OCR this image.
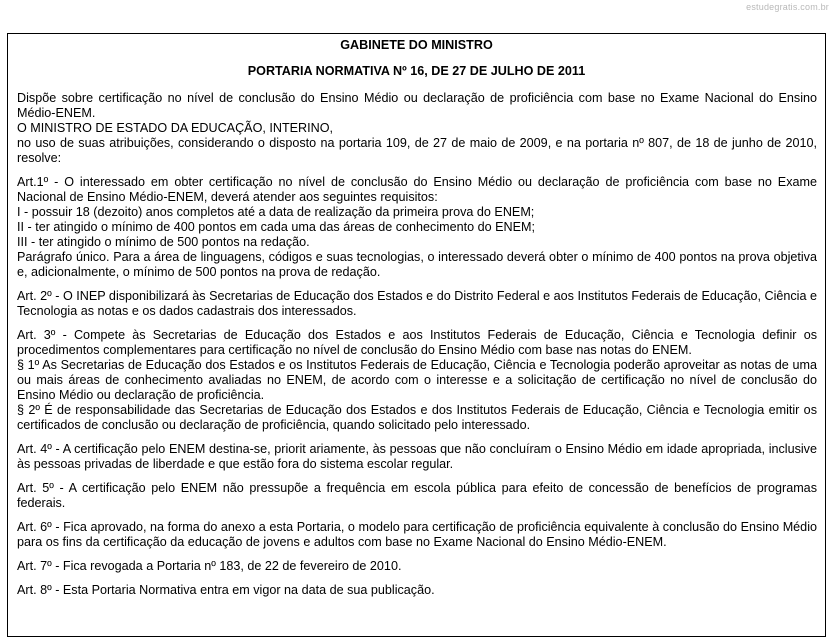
estudegratis.com.br
GABINETE DO MINISTRO
PORTARIA NORMATIVA Nº 16, DE 27 DE JULHO DE 2011

Dispõe sobre certificação no nível de conclusão do Ensino Médio ou declaração de proficiência com base no Exame Nacional do Ensino Médio-ENEM.

O MINISTRO DE ESTADO DA EDUCAÇÃO, INTERINO,

no uso de suas atribuições, considerando o disposto na portaria 109, de 27 de maio de 2009, e na portaria nº 807, de 18 de junho de 2010, resolve:

Art.1º - O interessado em obter certificação no nível de conclusão do Ensino Médio ou declaração de proficiência com base no Exame Nacional de Ensino Médio-ENEM, deverá atender aos seguintes requisitos:

I - possuir 18 (dezoito) anos completos até a data de realização da primeira prova do ENEM;

II - ter atingido o mínimo de 400 pontos em cada uma das áreas de conhecimento do ENEM;

III - ter atingido o mínimo de 500 pontos na redação.

Parágrafo único. Para a área de linguagens, códigos e suas tecnologias, o interessado deverá obter o mínimo de 400 pontos na prova objetiva e, adicionalmente, o mínimo de 500 pontos na prova de redação.

Art. 2º - O INEP disponibilizará às Secretarias de Educação dos Estados e do Distrito Federal e aos Institutos Federais de Educação, Ciência e Tecnologia as notas e os dados cadastrais dos interessados.

Art. 3º - Compete às Secretarias de Educação dos Estados e aos Institutos Federais de Educação, Ciência e Tecnologia definir os procedimentos complementares para certificação no nível de conclusão do Ensino Médio com base nas notas do ENEM.

§ 1º As Secretarias de Educação dos Estados e os Institutos Federais de Educação, Ciência e Tecnologia poderão aproveitar as notas de uma ou mais áreas de conhecimento avaliadas no ENEM, de acordo com o interesse e a solicitação de certificação no nível de conclusão do Ensino Médio ou declaração de proficiência.

§ 2º É de responsabilidade das Secretarias de Educação dos Estados e dos Institutos Federais de Educação, Ciência e Tecnologia emitir os certificados de conclusão ou declaração de proficiência, quando solicitado pelo interessado.

Art. 4º - A certificação pelo ENEM destina-se, priorit ariamente, às pessoas que não concluíram o Ensino Médio em idade apropriada, inclusive às pessoas privadas de liberdade e que estão fora do sistema escolar regular.

Art. 5º - A certificação pelo ENEM não pressupõe a frequência em escola pública para efeito de concessão de benefícios de programas federais.

Art. 6º - Fica aprovado, na forma do anexo a esta Portaria, o modelo para certificação de proficiência equivalente à conclusão do Ensino Médio para os fins da certificação da educação de jovens e adultos com base no Exame Nacional do Ensino Médio-ENEM.

Art. 7º - Fica revogada a Portaria nº 183, de 22 de fevereiro de 2010.

Art. 8º - Esta Portaria Normativa entra em vigor na data de sua publicação.
